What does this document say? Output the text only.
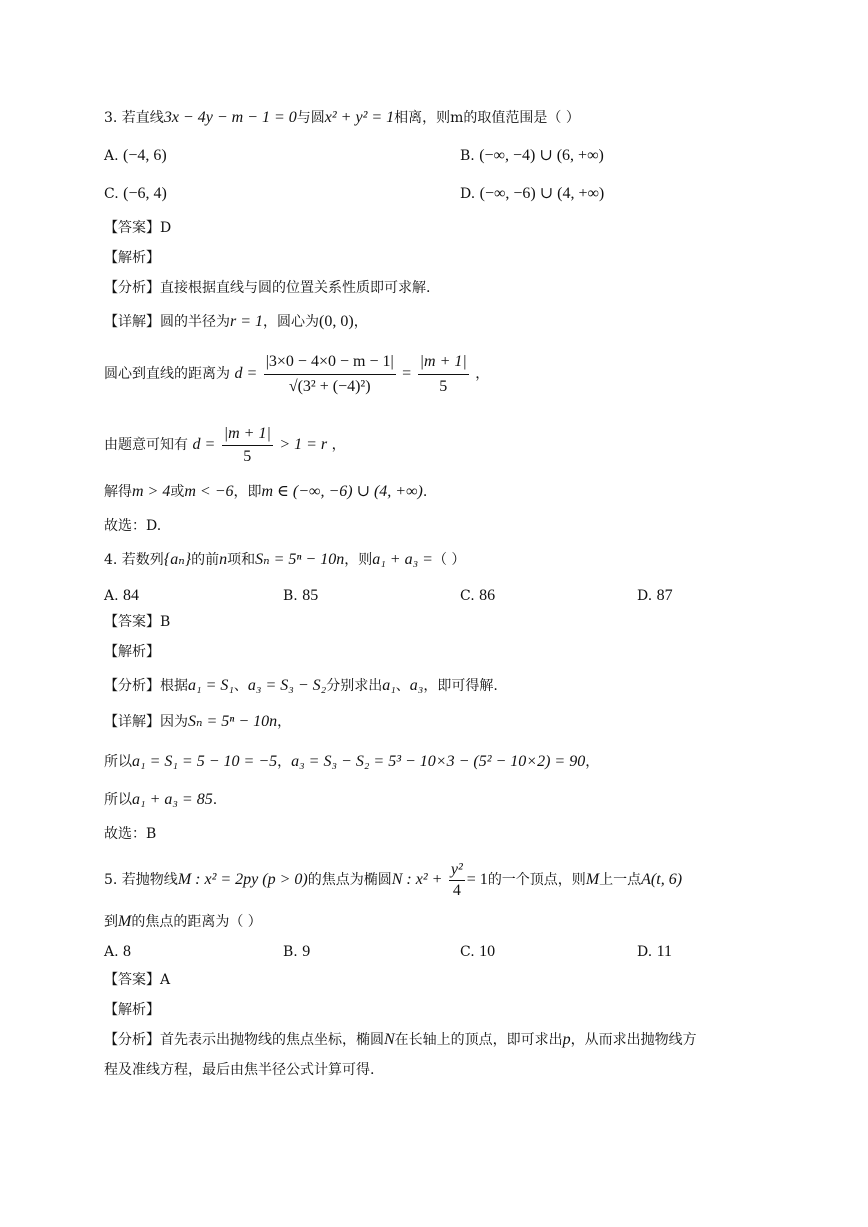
3. 若直线3x − 4y − m − 1 = 0与圆x² + y² = 1相离，则m的取值范围是（ ）
A. (−4, 6)	B. (−∞, −4) ∪ (6, +∞)
C. (−6, 4)	D. (−∞, −6) ∪ (4, +∞)
【答案】D
【解析】
【分析】直接根据直线与圆的位置关系性质即可求解.
【详解】圆的半径为r = 1，圆心为(0, 0)，
圆心到直线的距离为 $d = \frac{|3\times 0 - 4\times 0 - m - 1|}{\text{√(3² + (−4)²)}} = \frac{|m + 1|}{5}$ ，
由题意可知有 $d = \frac{|m + 1|}{5} > 1 = r$ ，
解得m > 4或m < −6，即m ∈ (−∞, −6) ∪ (4, +∞).
故选：D.
4. 若数列{aₙ}的前n项和Sₙ = 5ⁿ − 10n，则a₁ + a₃ =（ ）
A. 84	B. 85	C. 86	D. 87
【答案】B
【解析】
【分析】根据a₁ = S₁、a₃ = S₃ − S₂分别求出a₁、a₃，即可得解.
【详解】因为Sₙ = 5ⁿ − 10n，
所以a₁ = S₁ = 5 − 10 = −5，a₃ = S₃ − S₂ = 5³ − 10×3 − (5² − 10×2) = 90，
所以a₁ + a₃ = 85.
故选：B
5. 若抛物线M : x² = 2py (p > 0)的焦点为椭圆N : $x^2 + \frac{\text{y²}}{4} = 1$的一个顶点，则M上一点A(t, 6)
到M的焦点的距离为（ ）
A. 8	B. 9	C. 10	D. 11
【答案】A
【解析】
【分析】首先表示出抛物线的焦点坐标，椭圆N在长轴上的顶点，即可求出p，从而求出抛物线方
程及准线方程，最后由焦半径公式计算可得.
